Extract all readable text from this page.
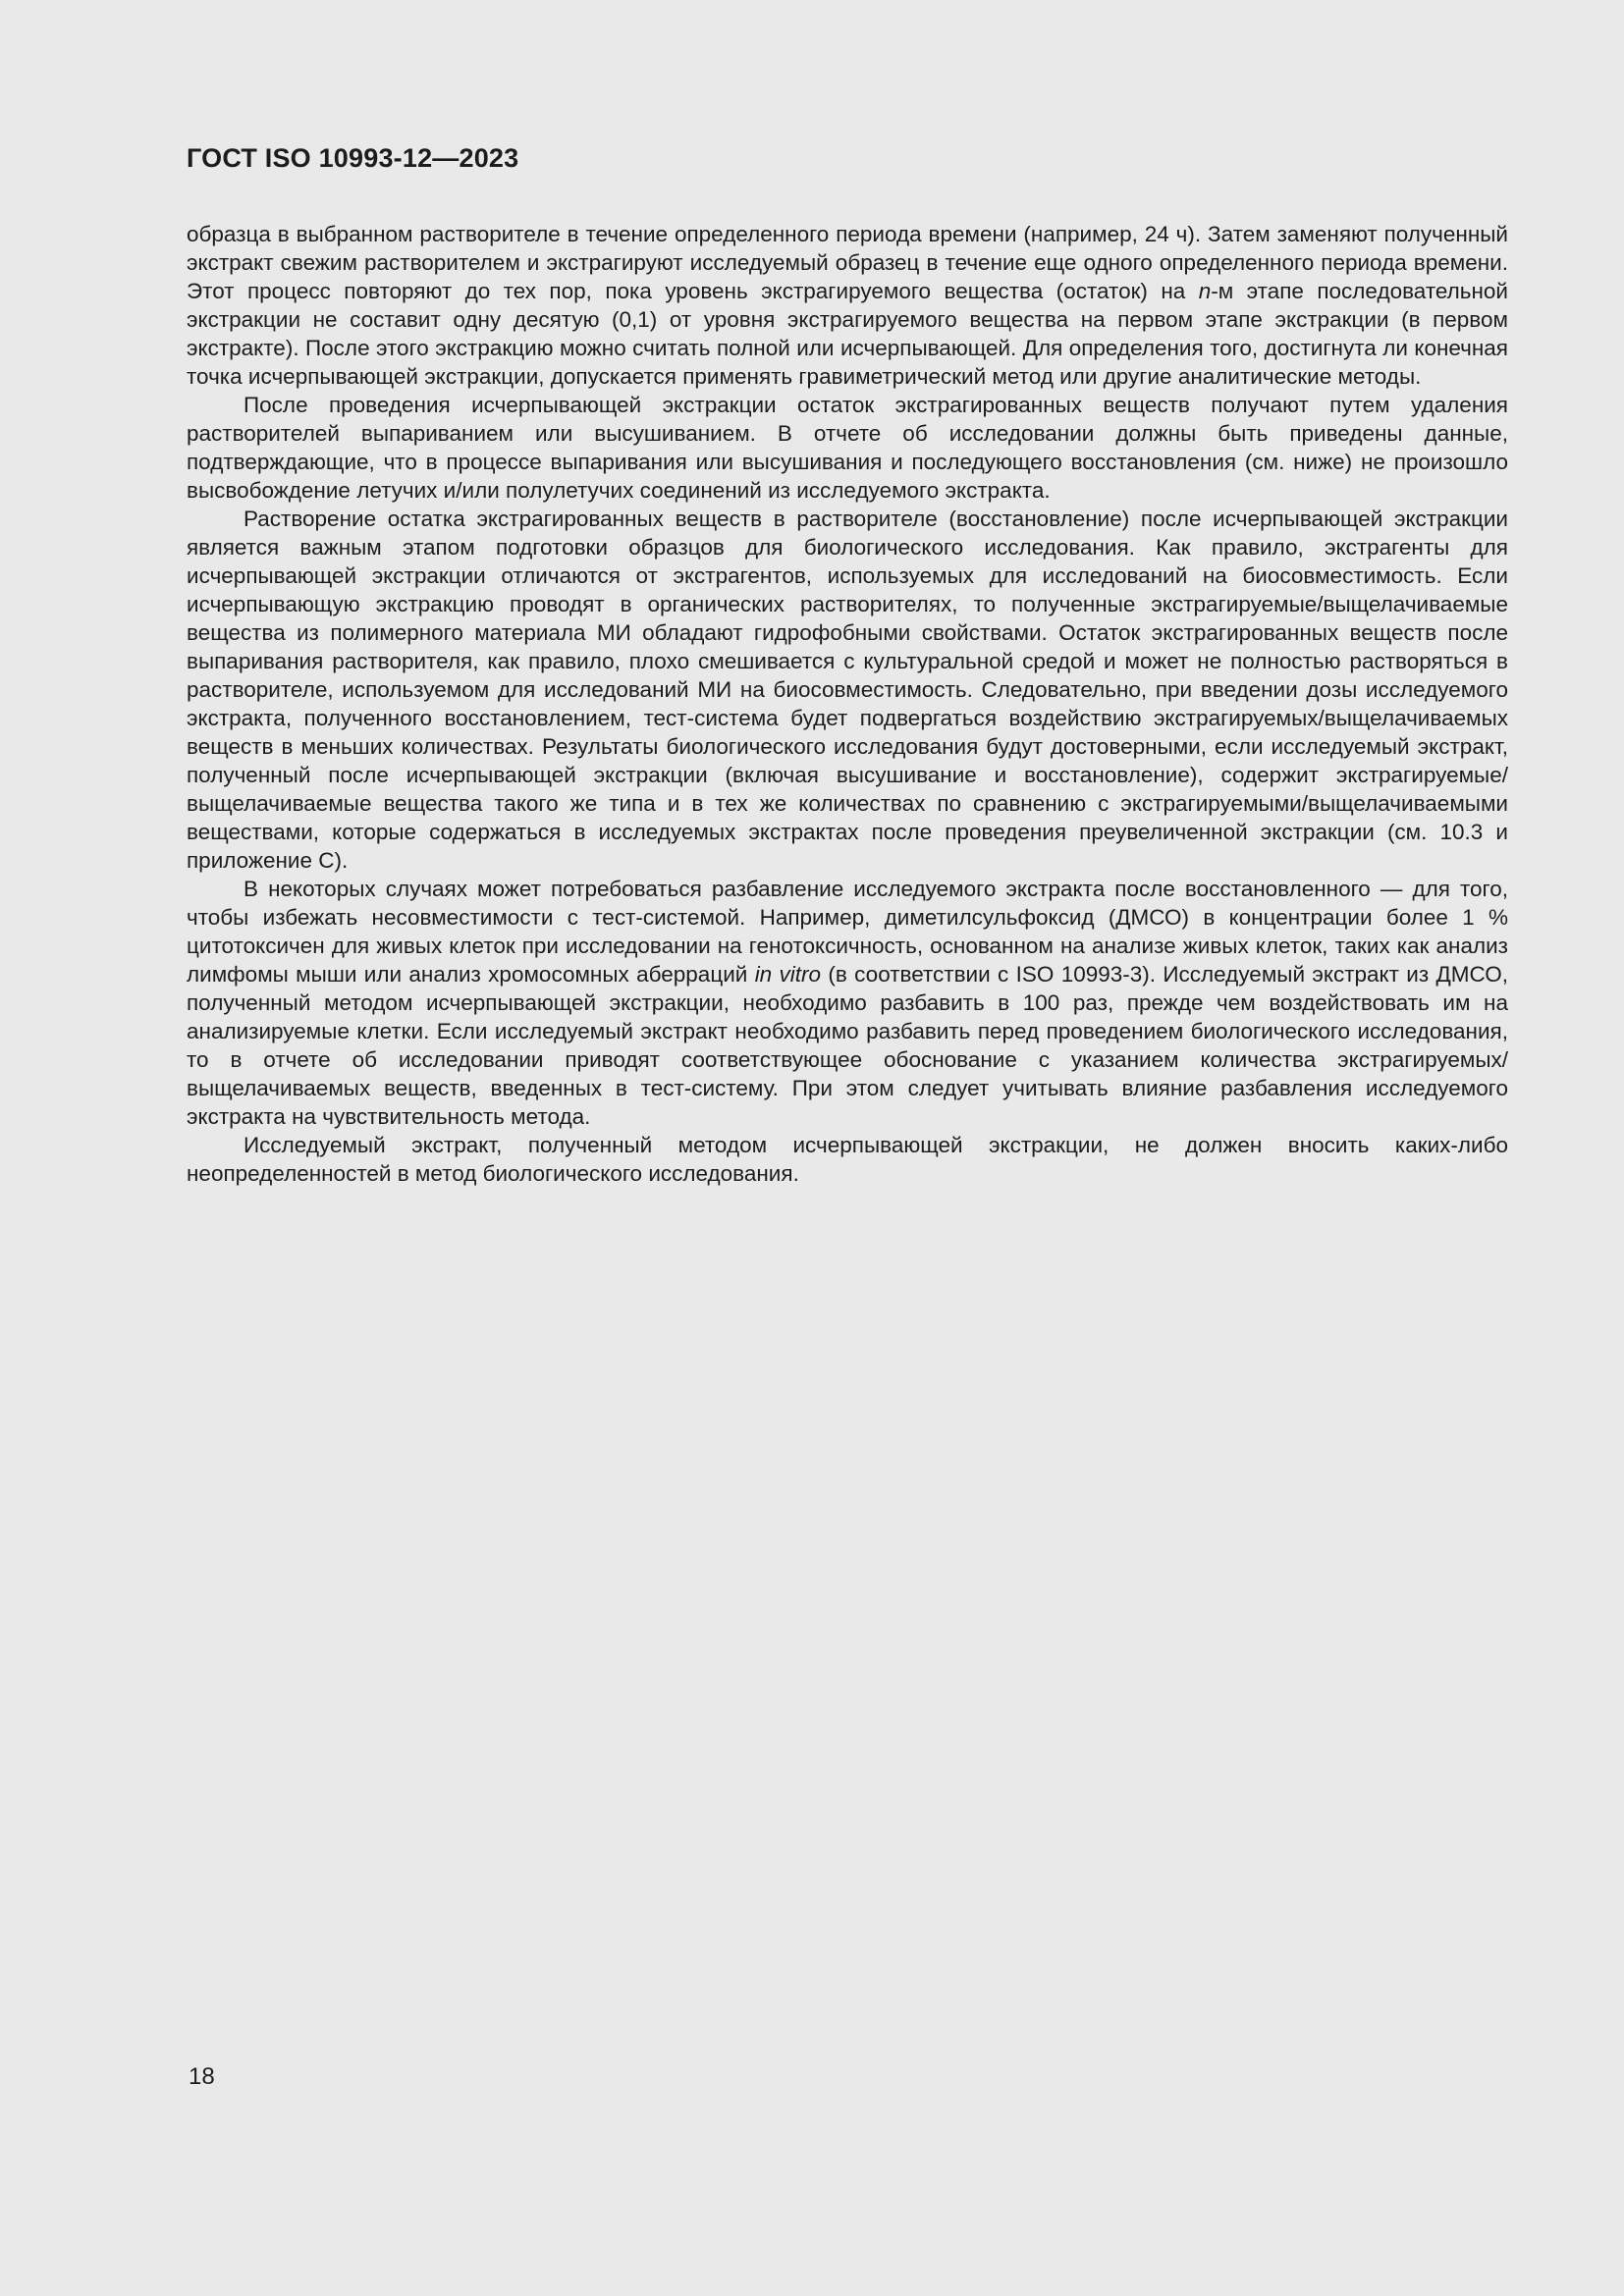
ГОСТ ISO 10993-12—2023

образца в выбранном растворителе в течение определенного периода времени (например, 24 ч). Затем заменяют полученный экстракт свежим растворителем и экстрагируют исследуемый образец в течение еще одного определенного периода времени. Этот процесс повторяют до тех пор, пока уровень экстрагируемого вещества (остаток) на n-м этапе последовательной экстракции не составит одну десятую (0,1) от уровня экстрагируемого вещества на первом этапе экстракции (в первом экстракте). После этого экстракцию можно считать полной или исчерпывающей. Для определения того, достигнута ли конечная точка исчерпывающей экстракции, допускается применять гравиметрический метод или другие аналитические методы.

После проведения исчерпывающей экстракции остаток экстрагированных веществ получают путем удаления растворителей выпариванием или высушиванием. В отчете об исследовании должны быть приведены данные, подтверждающие, что в процессе выпаривания или высушивания и последующего восстановления (см. ниже) не произошло высвобождение летучих и/или полулетучих соединений из исследуемого экстракта.

Растворение остатка экстрагированных веществ в растворителе (восстановление) после исчерпывающей экстракции является важным этапом подготовки образцов для биологического исследования. Как правило, экстрагенты для исчерпывающей экстракции отличаются от экстрагентов, используемых для исследований на биосовместимость. Если исчерпывающую экстракцию проводят в органических растворителях, то полученные экстрагируемые/выщелачиваемые вещества из полимерного материала МИ обладают гидрофобными свойствами. Остаток экстрагированных веществ после выпаривания растворителя, как правило, плохо смешивается с культуральной средой и может не полностью растворяться в растворителе, используемом для исследований МИ на биосовместимость. Следовательно, при введении дозы исследуемого экстракта, полученного восстановлением, тест-система будет подвергаться воздействию экстрагируемых/выщелачиваемых веществ в меньших количествах. Результаты биологического исследования будут достоверными, если исследуемый экстракт, полученный после исчерпывающей экстракции (включая высушивание и восстановление), содержит экстрагируемые/выщелачиваемые вещества такого же типа и в тех же количествах по сравнению с экстрагируемыми/выщелачиваемыми веществами, которые содержаться в исследуемых экстрактах после проведения преувеличенной экстракции (см. 10.3 и приложение С).

В некоторых случаях может потребоваться разбавление исследуемого экстракта после восстановленного — для того, чтобы избежать несовместимости с тест-системой. Например, диметилсульфоксид (ДМСО) в концентрации более 1 % цитотоксичен для живых клеток при исследовании на генотоксичность, основанном на анализе живых клеток, таких как анализ лимфомы мыши или анализ хромосомных аберраций in vitro (в соответствии с ISO 10993-3). Исследуемый экстракт из ДМСО, полученный методом исчерпывающей экстракции, необходимо разбавить в 100 раз, прежде чем воздействовать им на анализируемые клетки. Если исследуемый экстракт необходимо разбавить перед проведением биологического исследования, то в отчете об исследовании приводят соответствующее обоснование с указанием количества экстрагируемых/выщелачиваемых веществ, введенных в тест-систему. При этом следует учитывать влияние разбавления исследуемого экстракта на чувствительность метода.

Исследуемый экстракт, полученный методом исчерпывающей экстракции, не должен вносить каких-либо неопределенностей в метод биологического исследования.

18
